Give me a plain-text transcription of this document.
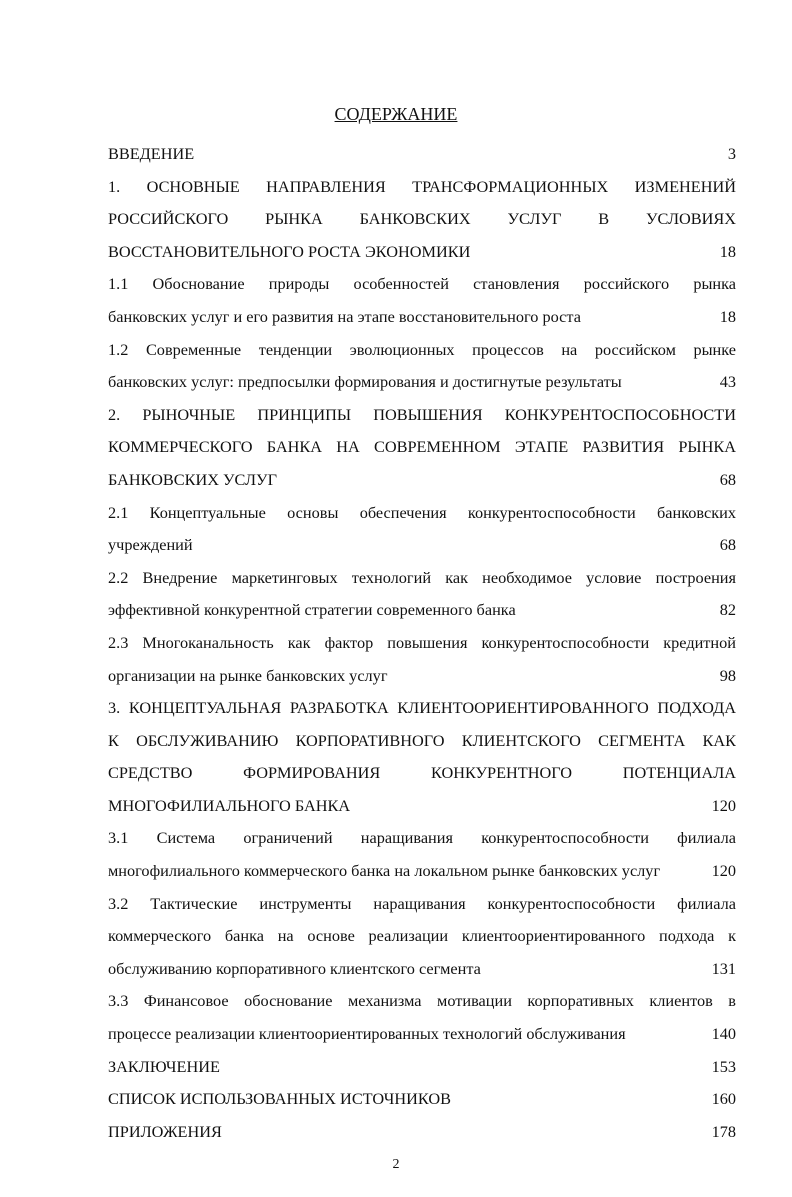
СОДЕРЖАНИЕ

ВВЕДЕНИЕ	3

1. ОСНОВНЫЕ НАПРАВЛЕНИЯ ТРАНСФОРМАЦИОННЫХ ИЗМЕНЕНИЙ

РОССИЙСКОГО РЫНКА БАНКОВСКИХ УСЛУГ В УСЛОВИЯХ

ВОССТАНОВИТЕЛЬНОГО РОСТА ЭКОНОМИКИ	18

1.1 Обоснование природы особенностей становления российского рынка

банковских услуг и его развития на этапе восстановительного роста	18

1.2 Современные тенденции эволюционных процессов на российском рынке

банковских услуг: предпосылки формирования и достигнутые результаты	43

2. РЫНОЧНЫЕ ПРИНЦИПЫ ПОВЫШЕНИЯ КОНКУРЕНТОСПОСОБНОСТИ

КОММЕРЧЕСКОГО БАНКА НА СОВРЕМЕННОМ ЭТАПЕ РАЗВИТИЯ РЫНКА

БАНКОВСКИХ УСЛУГ	68

2.1 Концептуальные основы обеспечения конкурентоспособности банковских

учреждений	68

2.2 Внедрение маркетинговых технологий как необходимое условие построения

эффективной конкурентной стратегии современного банка	82

2.3 Многоканальность как фактор повышения конкурентоспособности кредитной

организации на рынке банковских услуг	98

3. КОНЦЕПТУАЛЬНАЯ РАЗРАБОТКА КЛИЕНТООРИЕНТИРОВАННОГО ПОДХОДА

К ОБСЛУЖИВАНИЮ КОРПОРАТИВНОГО КЛИЕНТСКОГО СЕГМЕНТА КАК

СРЕДСТВО ФОРМИРОВАНИЯ КОНКУРЕНТНОГО ПОТЕНЦИАЛА

МНОГОФИЛИАЛЬНОГО БАНКА	120

3.1 Система ограничений наращивания конкурентоспособности филиала

многофилиального коммерческого банка на локальном рынке банковских услуг	120

3.2 Тактические инструменты наращивания конкурентоспособности филиала

коммерческого банка на основе реализации клиентоориентированного подхода к

обслуживанию корпоративного клиентского сегмента	131

3.3 Финансовое обоснование механизма мотивации корпоративных клиентов в

процессе реализации клиентоориентированных технологий обслуживания	140

ЗАКЛЮЧЕНИЕ	153

СПИСОК ИСПОЛЬЗОВАННЫХ ИСТОЧНИКОВ	160

ПРИЛОЖЕНИЯ	178

2
